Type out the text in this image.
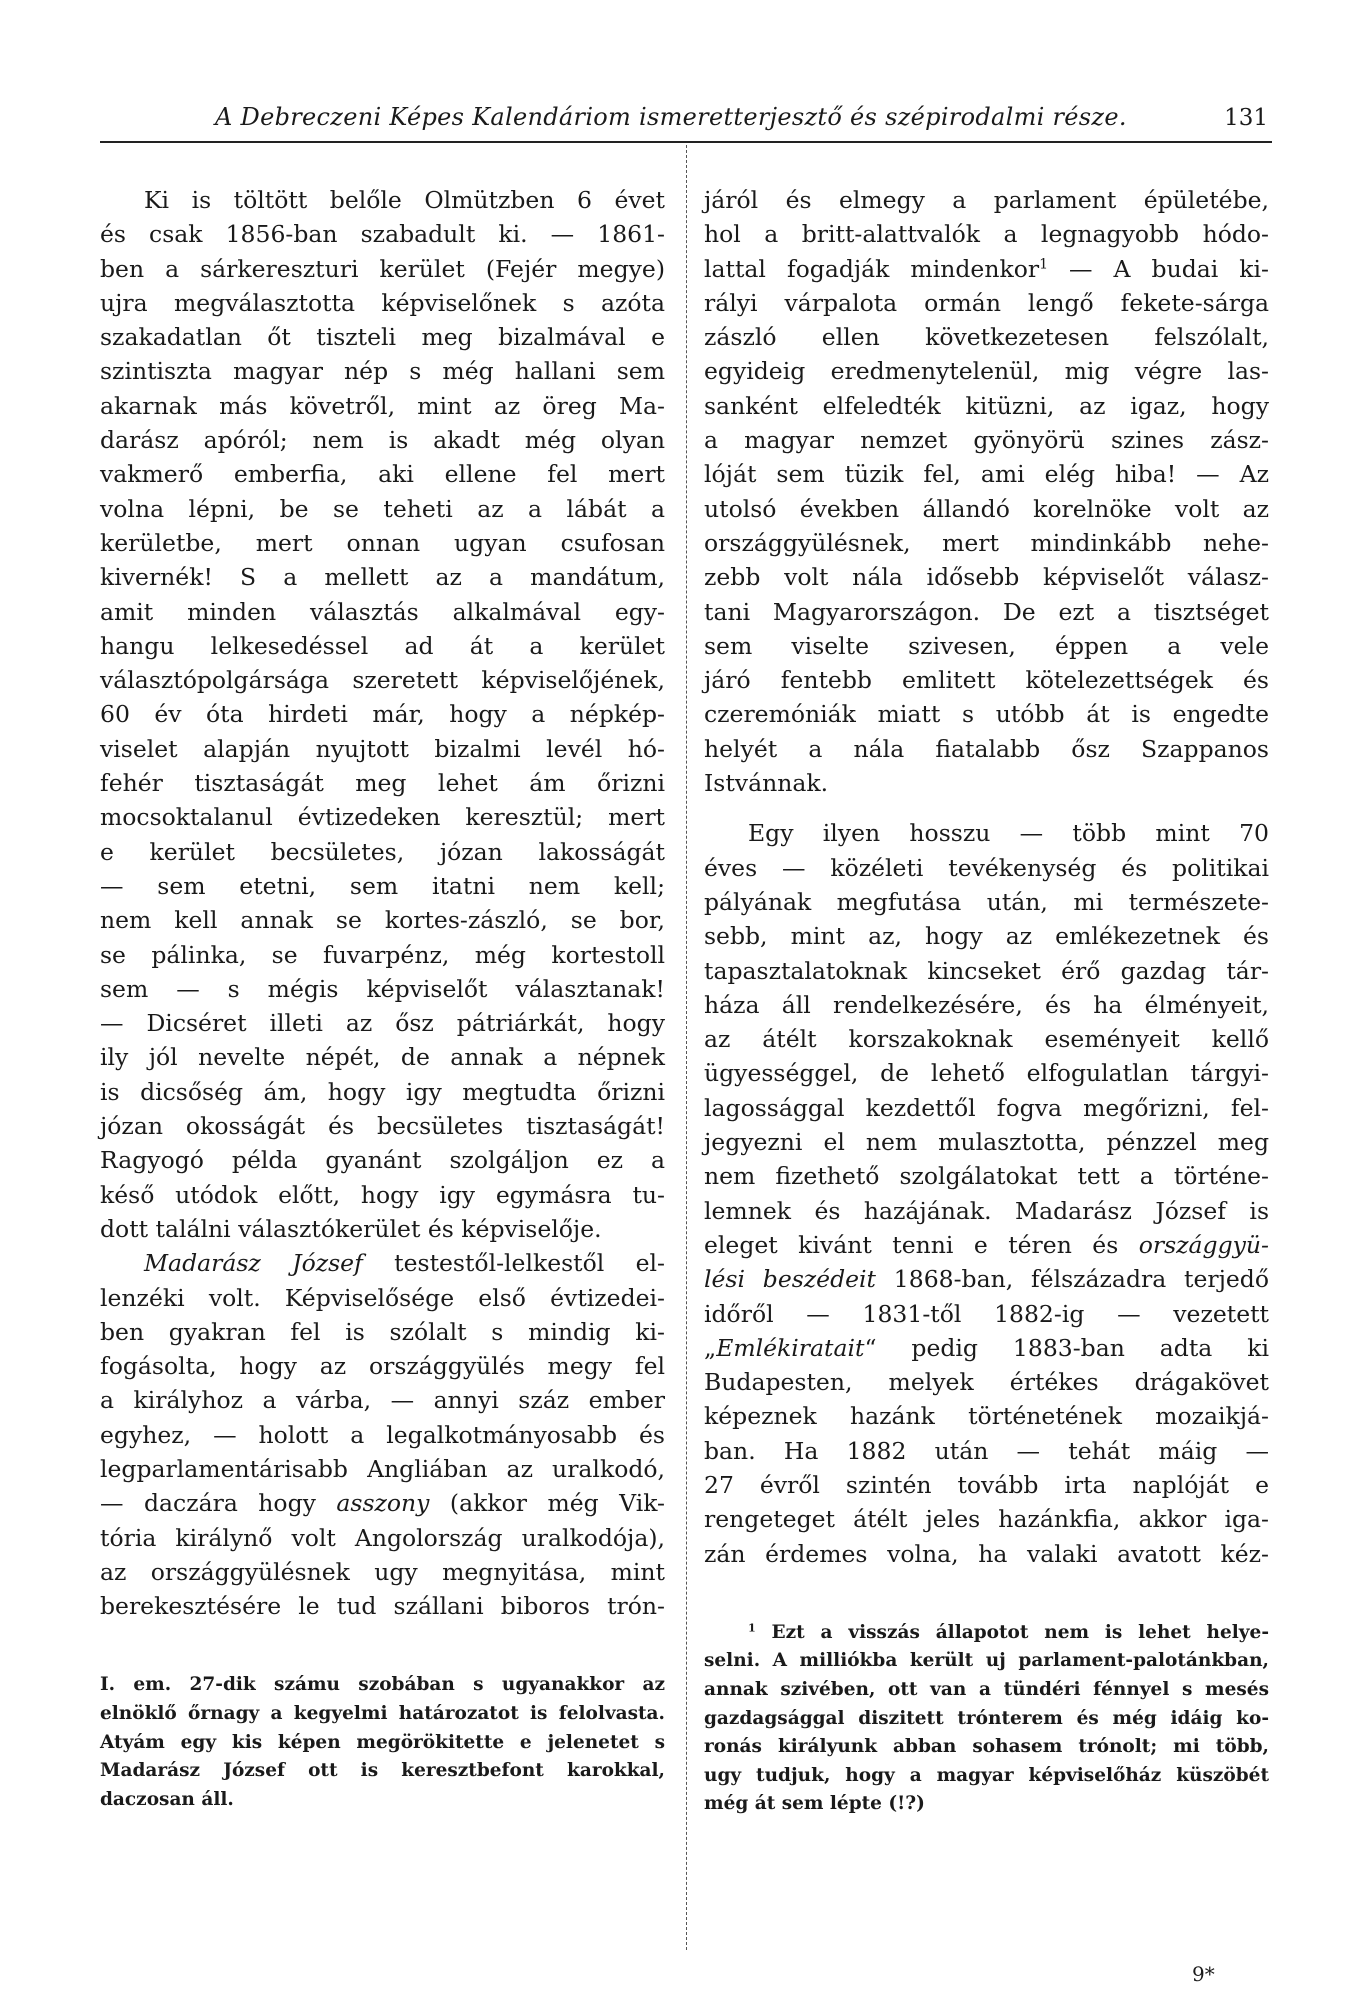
A Debreczeni Képes Kalendáriom ismeretterjesztő és szépirodalmi része.	131
Ki is töltött belőle Olmützben 6 évet
és csak 1856-ban szabadult ki. — 1861-
ben a sárkereszturi kerület (Fejér megye)
ujra megválasztotta képviselőnek s azóta
szakadatlan őt tiszteli meg bizalmával e
szintiszta magyar nép s még hallani sem
akarnak más követről, mint az öreg Ma-
darász apóról; nem is akadt még olyan
vakmerő emberfia, aki ellene fel mert
volna lépni, be se teheti az a lábát a
kerületbe, mert onnan ugyan csufosan
kivernék! S a mellett az a mandátum,
amit minden választás alkalmával egy-
hangu lelkesedéssel ad át a kerület
választópolgársága szeretett képviselőjének,
60 év óta hirdeti már, hogy a népkép-
viselet alapján nyujtott bizalmi levél hó-
fehér tisztaságát meg lehet ám őrizni
mocsoktalanul évtizedeken keresztül; mert
e kerület becsületes, józan lakosságát
— sem etetni, sem itatni nem kell;
nem kell annak se kortes-zászló, se bor,
se pálinka, se fuvarpénz, még kortestoll
sem — s mégis képviselőt választanak!
— Dicséret illeti az ősz pátriárkát, hogy
ily jól nevelte népét, de annak a népnek
is dicsőség ám, hogy igy megtudta őrizni
józan okosságát és becsületes tisztaságát!
Ragyogó példa gyanánt szolgáljon ez a
késő utódok előtt, hogy igy egymásra tu-
dott találni választókerület és képviselője.
Madarász József testestől-lelkestől el-
lenzéki volt. Képviselősége első évtizedei-
ben gyakran fel is szólalt s mindig ki-
fogásolta, hogy az országgyülés megy fel
a királyhoz a várba, — annyi száz ember
egyhez, — holott a legalkotmányosabb és
legparlamentárisabb Angliában az uralkodó,
— daczára hogy asszony (akkor még Vik-
tória királynő volt Angolország uralkodója),
az országgyülésnek ugy megnyitása, mint
berekesztésére le tud szállani biboros trón-
I. em. 27-dik számu szobában s ugyanakkor az
elnöklő őrnagy a kegyelmi határozatot is felolvasta.
Atyám egy kis képen megörökitette e jelenetet s
Madarász József ott is keresztbefont karokkal,
daczosan áll.
járól és elmegy a parlament épületébe,
hol a britt-alattvalók a legnagyobb hódo-
lattal fogadják mindenkor$^1$ — A budai ki-
rályi várpalota ormán lengő fekete-sárga
zászló ellen következetesen felszólalt,
egyideig eredmenytelenül, mig végre las-
sanként elfeledték kitüzni, az igaz, hogy
a magyar nemzet gyönyörü szines zász-
lóját sem tüzik fel, ami elég hiba! — Az
utolsó években állandó korelnöke volt az
országgyülésnek, mert mindinkább nehe-
zebb volt nála idősebb képviselőt válasz-
tani Magyarországon. De ezt a tisztséget
sem viselte szivesen, éppen a vele
járó fentebb emlitett kötelezettségek és
czeremóniák miatt s utóbb át is engedte
helyét a nála fiatalabb ősz Szappanos
Istvánnak.
Egy ilyen hosszu — több mint 70
éves — közéleti tevékenység és politikai
pályának megfutása után, mi természete-
sebb, mint az, hogy az emlékezetnek és
tapasztalatoknak kincseket érő gazdag tár-
háza áll rendelkezésére, és ha élményeit,
az átélt korszakoknak eseményeit kellő
ügyességgel, de lehető elfogulatlan tárgyi-
lagossággal kezdettől fogva megőrizni, fel-
jegyezni el nem mulasztotta, pénzzel meg
nem fizethető szolgálatokat tett a történe-
lemnek és hazájának. Madarász József is
eleget kivánt tenni e téren és országgyü-
lési beszédeit 1868-ban, félszázadra terjedő
időről — 1831-től 1882-ig — vezetett
„Emlékiratait“ pedig 1883-ban adta ki
Budapesten, melyek értékes drágakövet
képeznek hazánk történetének mozaikjá-
ban. Ha 1882 után — tehát máig —
27 évről szintén tovább irta naplóját e
rengeteget átélt jeles hazánkfia, akkor iga-
zán érdemes volna, ha valaki avatott kéz-
$^1$ Ezt a visszás állapotot nem is lehet helye-
selni. A milliókba került uj parlament-palotánkban,
annak szivében, ott van a tündéri fénnyel s mesés
gazdagsággal diszitett trónterem és még idáig ko-
ronás királyunk abban sohasem trónolt; mi több,
ugy tudjuk, hogy a magyar képviselőház küszöbét
még át sem lépte (!?)
9*
